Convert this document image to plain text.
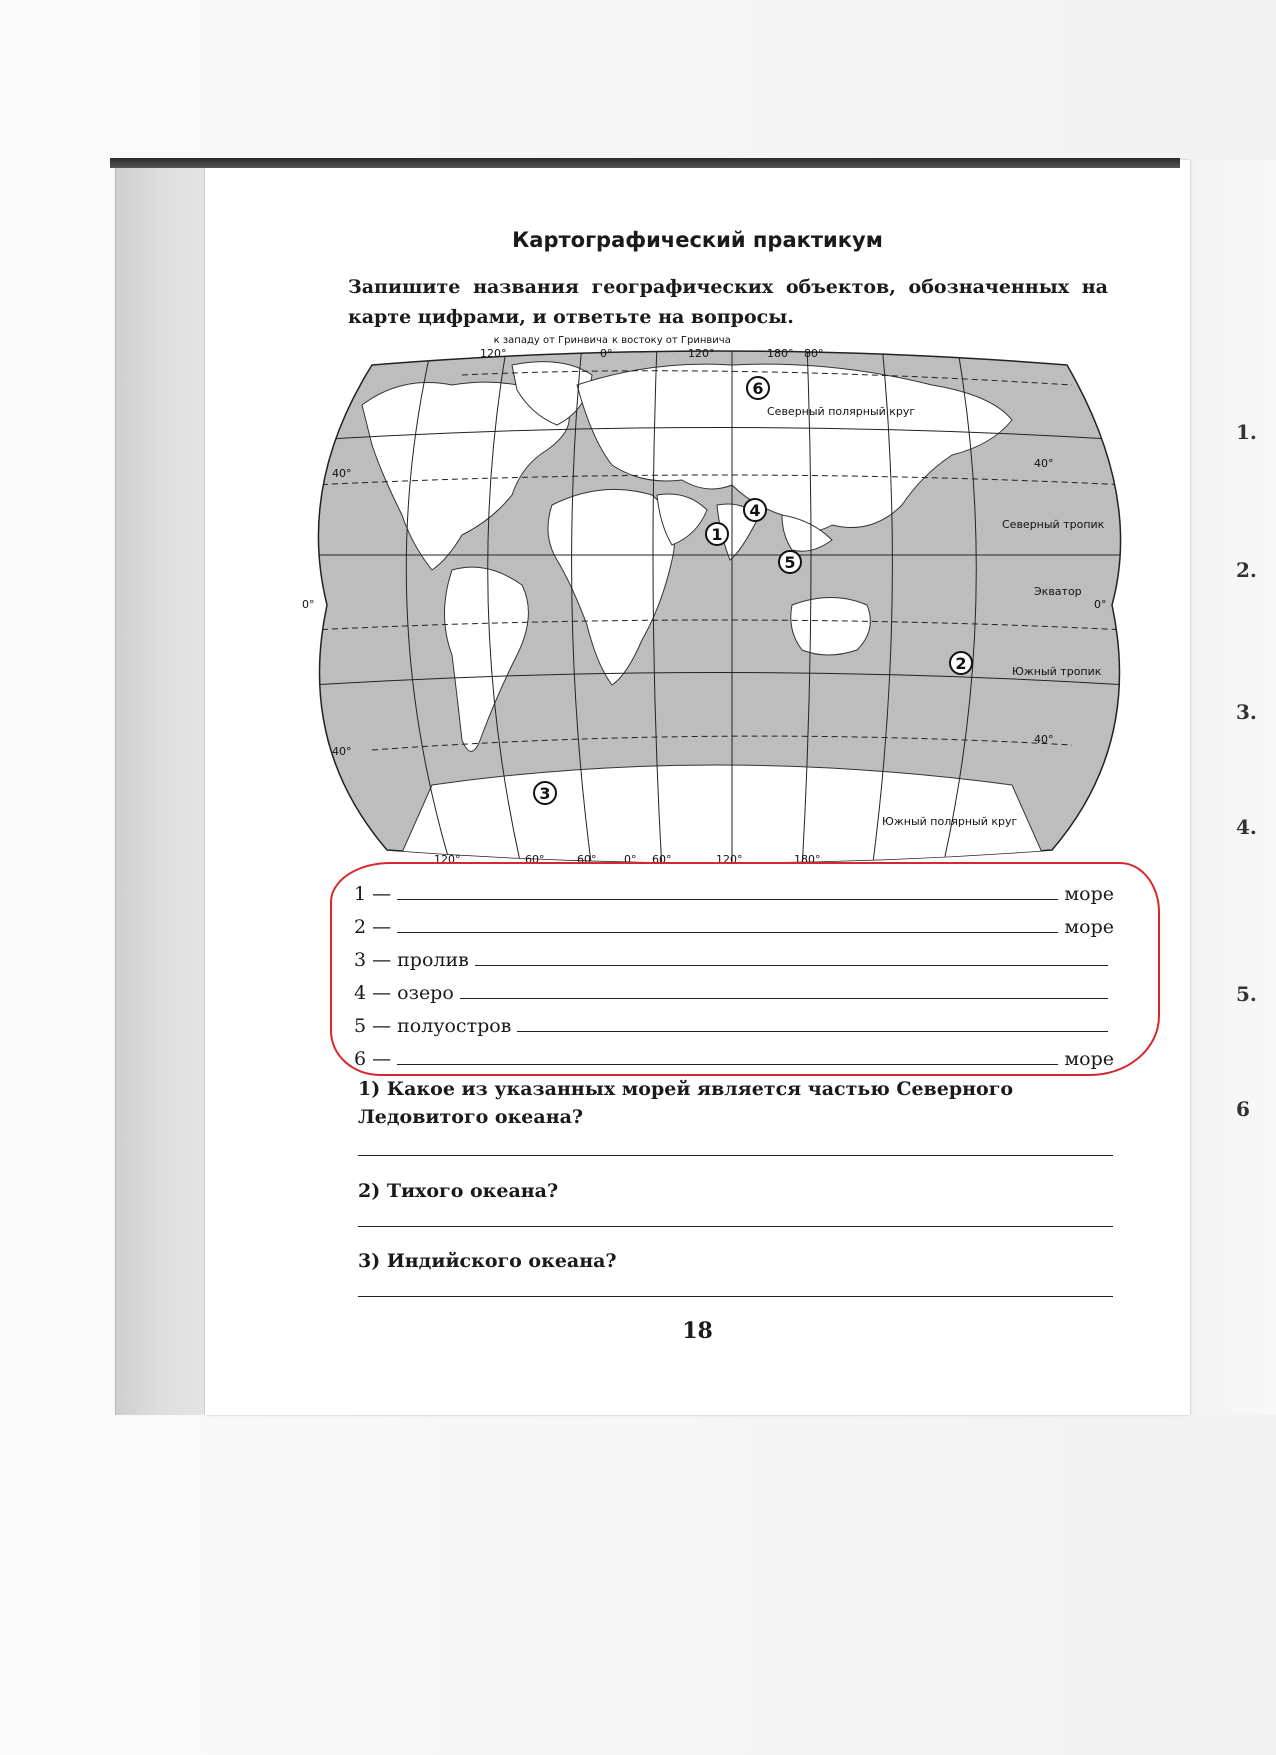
1.
2.
3.
4.
5.
6
Картографический практикум
Запишите названия географических объектов, обозначенных на карте цифрами, и ответьте на вопросы.
120°	0°	120°	180° 80°
к западу от Гринвича к востоку от Гринвича
120°	60°	60°	0° 60°	120°	180°
40°
40°
0°	0°
40°
40°
Северный полярный круг
Северный тропик
Экватор
Южный тропик
Южный полярный круг
6
4
1
5
2
3
1 —	море
2 —	море
3 — пролив
4 — озеро
5 — полуостров
6 —	море
1) Какое из указанных морей является частью Северного Ледовитого океана?
2) Тихого океана?
3) Индийского океана?
18
